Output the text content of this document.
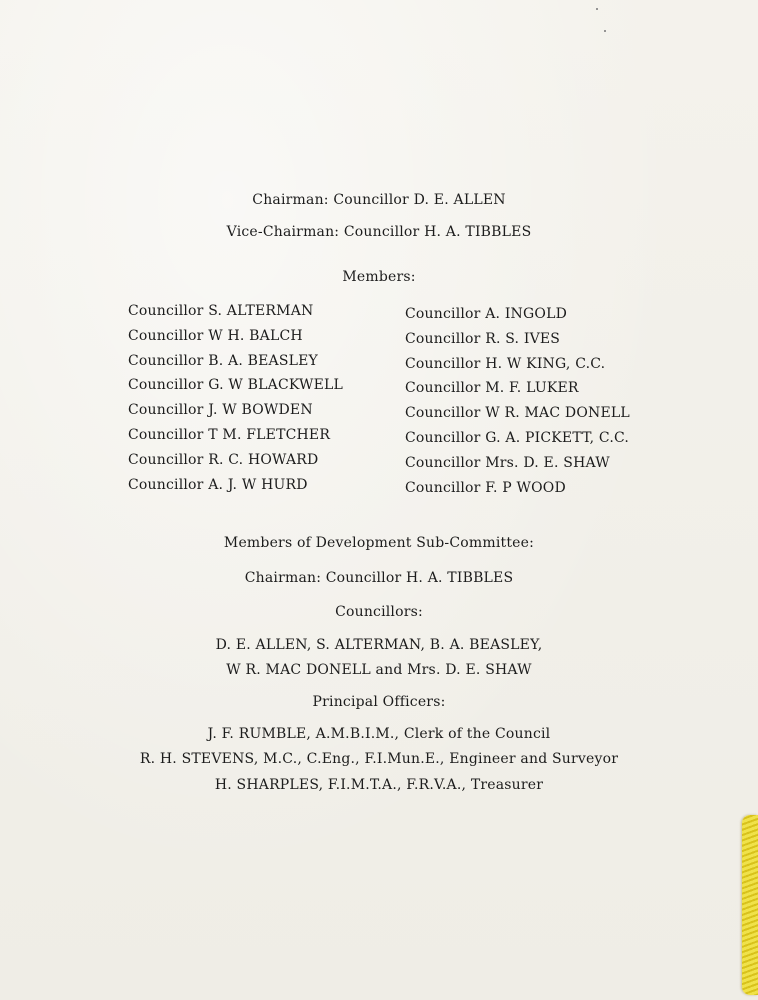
Chairman: Councillor D. E. ALLEN
Vice-Chairman: Councillor H. A. TIBBLES
Members:
Councillor S. ALTERMAN
Councillor W H. BALCH
Councillor B. A. BEASLEY
Councillor G. W BLACKWELL
Councillor J. W BOWDEN
Councillor T M. FLETCHER
Councillor R. C. HOWARD
Councillor A. J. W HURD
Councillor A. INGOLD
Councillor R. S. IVES
Councillor H. W KING, C.C.
Councillor M. F. LUKER
Councillor W R. MAC DONELL
Councillor G. A. PICKETT, C.C.
Councillor Mrs. D. E. SHAW
Councillor F. P WOOD
Members of Development Sub-Committee:
Chairman: Councillor H. A. TIBBLES
Councillors:
D. E. ALLEN, S. ALTERMAN, B. A. BEASLEY,
W R. MAC DONELL and Mrs. D. E. SHAW
Principal Officers:
J. F. RUMBLE, A.M.B.I.M., Clerk of the Council
R. H. STEVENS, M.C., C.Eng., F.I.Mun.E., Engineer and Surveyor
H. SHARPLES, F.I.M.T.A., F.R.V.A., Treasurer
